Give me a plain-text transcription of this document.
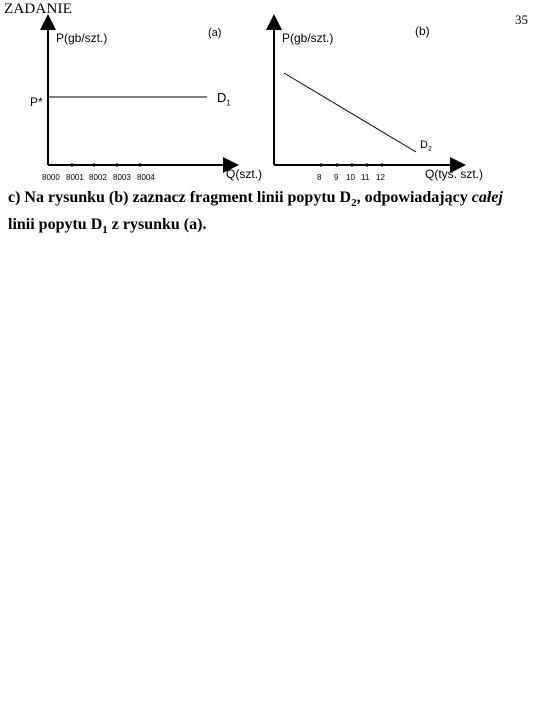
ZADANIE
35
P(gb/szt.)	(a)
P*	$D_1$
Q(szt.)
8000 8001 8002 8003 8004
P(gb/szt.)	(b)
$D_2$
Q(tys. szt.)
8 9 10 11 12
c) Na rysunku (b) zaznacz fragment linii popytu $D_2$, odpowiadający całej linii popytu $D_1$ z rysunku (a).
